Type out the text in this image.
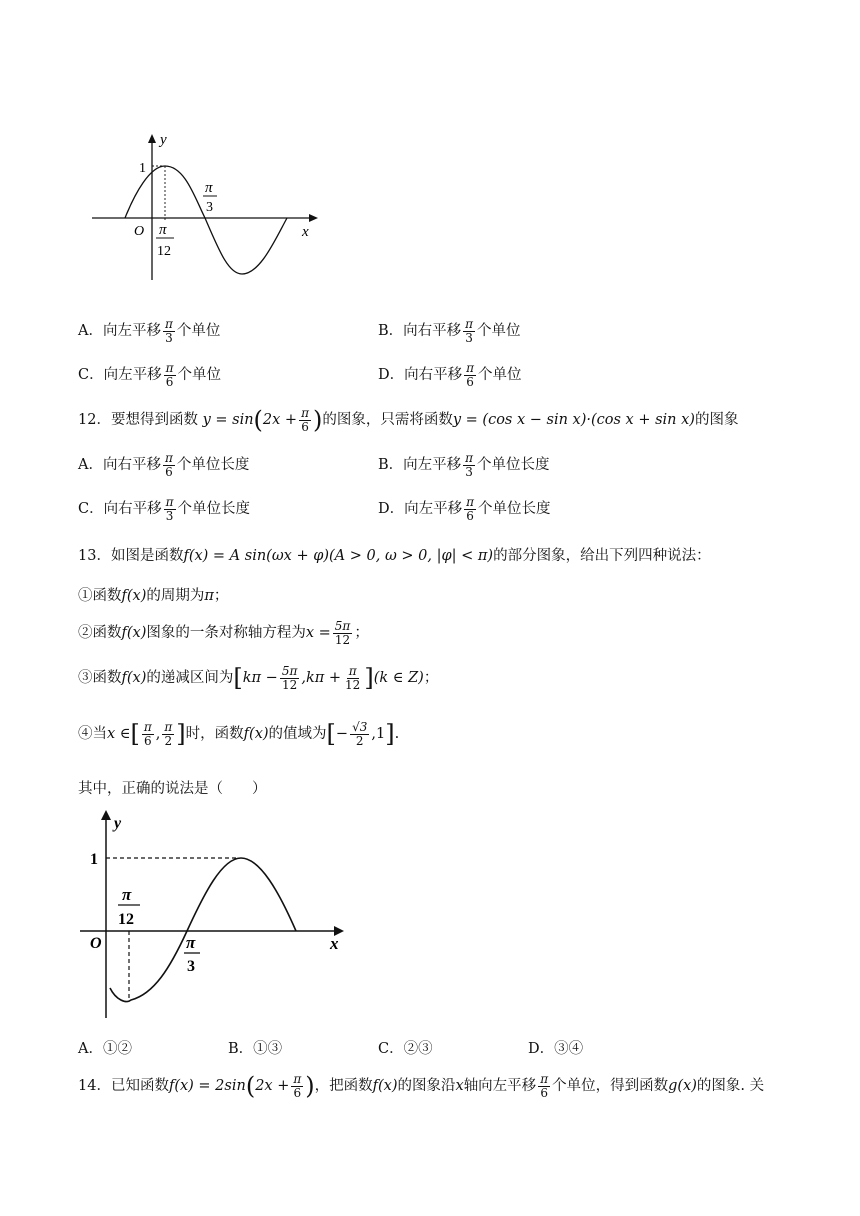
y
1
π
3
O π
12
x
A．向左平移 $\frac{\pi}{3}$ 个单位	B．向右平移 $\frac{\pi}{3}$ 个单位
C．向左平移 $\frac{\pi}{6}$ 个单位	D．向右平移 $\frac{\pi}{6}$ 个单位
12．要想得到函数 $y = \sin(2x + \frac{\pi}{6}$ )的图象，只需将函数y = (cos x − sin x)·(cos x + sin x)的图象
A．向右平移 $\frac{\pi}{6}$ 个单位长度	B．向左平移 $\frac{\pi}{3}$ 个单位长度
C．向右平移 $\frac{\pi}{3}$ 个单位长度	D．向左平移 $\frac{\pi}{6}$ 个单位长度
13．如图是函数f(x) = A sin(ωx + φ)(A > 0, ω > 0, |φ| < π)的部分图象，给出下列四种说法：
①函数f(x)的周期为π；
②函数f(x)图象的一条对称轴方程为$x = \frac{5\pi}{12}$ ；
③函数f(x)的递减区间为$[k\pi - \frac{5\pi}{12} ,k\pi + \frac{\pi}{12} ](k$ ∈ Z)；
④当x ∈[ $\frac{\pi}{6}$ , $\frac{\pi}{2}$ ]时，函数f(x)的值域为[− $\frac{√3}{2} ,1$].
其中，正确的说法是（　　）
y
1
π
12
O	π
3
x
A．①②	B．①③	C．②③	D．③④
14．已知函数$f(x) = 2\sin(2x + \frac{\pi}{6}$ )，把函数f(x)的图象沿x轴向左平移 $\frac{\pi}{6}$ 个单位，得到函数g(x)的图象. 关
